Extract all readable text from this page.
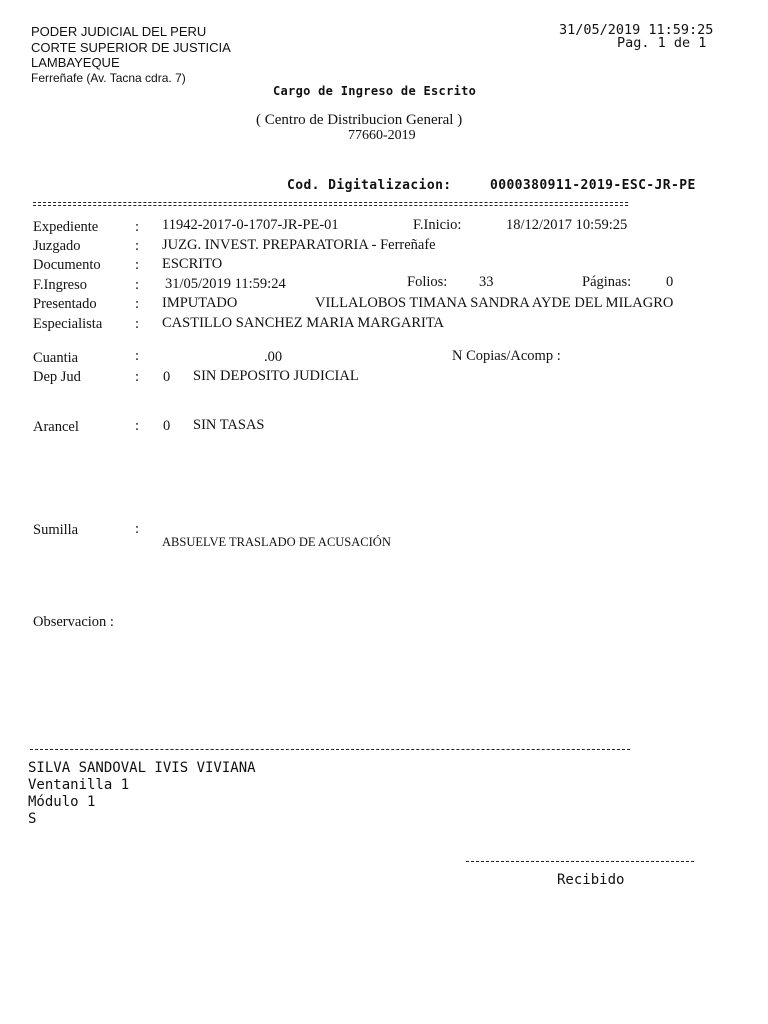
PODER JUDICIAL DEL PERU
CORTE SUPERIOR DE JUSTICIA
LAMBAYEQUE
Ferreñafe (Av. Tacna cdra. 7)
31/05/2019 11:59:25
Pag. 1 de 1
Cargo de Ingreso de Escrito
( Centro de Distribucion General )
77660-2019
Cod. Digitalizacion:	0000380911-2019-ESC-JR-PE
Expediente	: 11942-2017-0-1707-JR-PE-01	F.Inicio:	18/12/2017 10:59:25
Juzgado	: JUZG. INVEST. PREPARATORIA - Ferreñafe
Documento : ESCRITO
F.Ingreso	: 31/05/2019 11:59:24	Folios: 33	Páginas: 0
Presentado	: IMPUTADO	VILLALOBOS TIMANA SANDRA AYDE DEL MILAGRO
Especialista : CASTILLO SANCHEZ MARIA MARGARITA
Cuantia	:	.00	N Copias/Acomp :
Dep Jud	: 0 SIN DEPOSITO JUDICIAL
Arancel	: 0 SIN TASAS
Sumilla	:
ABSUELVE TRASLADO DE ACUSACIÓN
Observacion :
SILVA SANDOVAL IVIS VIVIANA
Ventanilla 1
Módulo 1
S
Recibido
